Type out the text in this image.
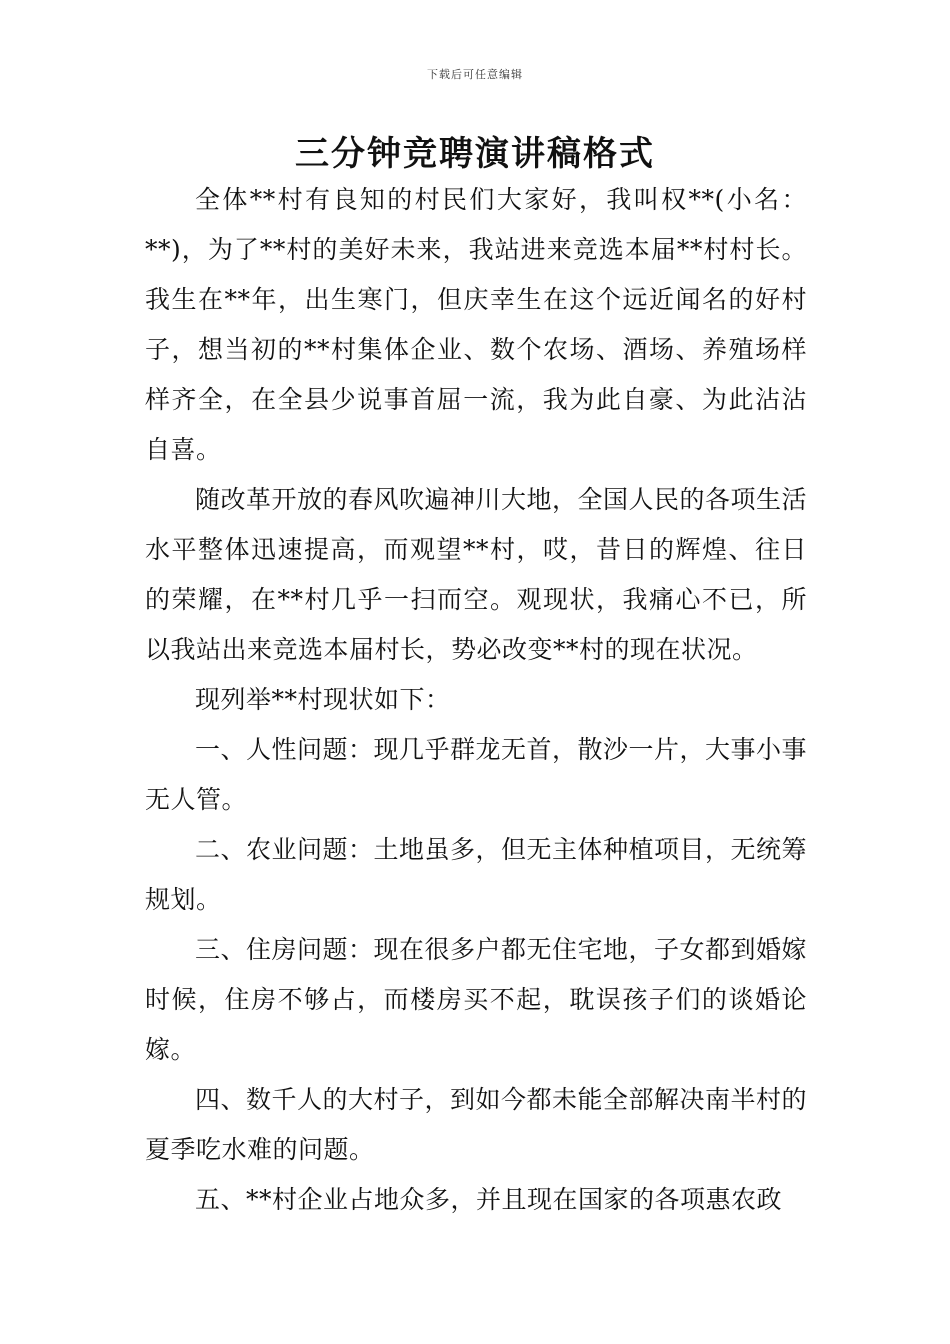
下载后可任意编辑
三分钟竞聘演讲稿格式

全体**村有良知的村民们大家好，我叫权**(小名：**)，为了**村的美好未来，我站进来竞选本届**村村长。我生在**年，出生寒门，但庆幸生在这个远近闻名的好村子，想当初的**村集体企业、数个农场、酒场、养殖场样样齐全，在全县少说事首屈一流，我为此自豪、为此沾沾自喜。

随改革开放的春风吹遍神川大地，全国人民的各项生活水平整体迅速提高，而观望**村，哎，昔日的辉煌、往日的荣耀，在**村几乎一扫而空。观现状，我痛心不已，所以我站出来竞选本届村长，势必改变**村的现在状况。

现列举**村现状如下：

一、人性问题：现几乎群龙无首，散沙一片，大事小事无人管。

二、农业问题：土地虽多，但无主体种植项目，无统筹规划。

三、住房问题：现在很多户都无住宅地，子女都到婚嫁时候，住房不够占，而楼房买不起，耽误孩子们的谈婚论嫁。

四、数千人的大村子，到如今都未能全部解决南半村的夏季吃水难的问题。

五、**村企业占地众多，并且现在国家的各项惠农政
